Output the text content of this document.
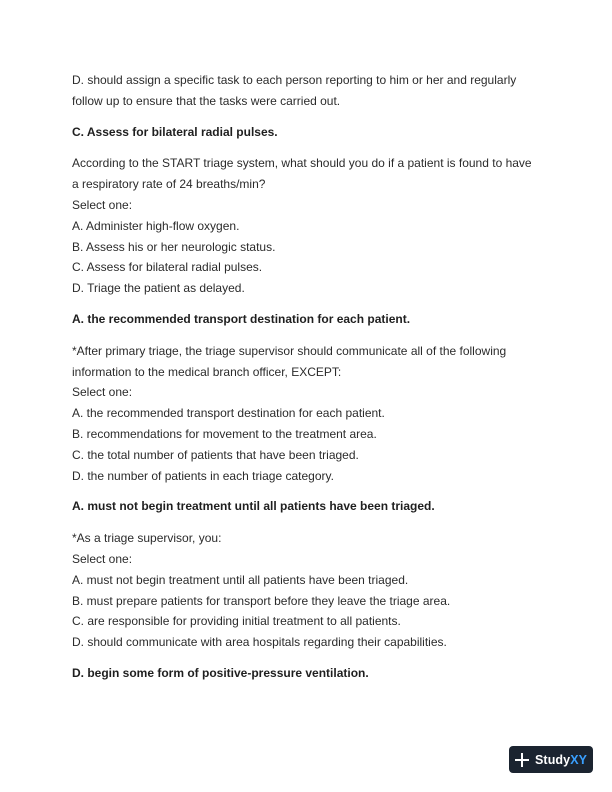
D. should assign a specific task to each person reporting to him or her and regularly
follow up to ensure that the tasks were carried out.
C. Assess for bilateral radial pulses.
According to the START triage system, what should you do if a patient is found to have
a respiratory rate of 24 breaths/min?
Select one:
A. Administer high-flow oxygen.
B. Assess his or her neurologic status.
C. Assess for bilateral radial pulses.
D. Triage the patient as delayed.
A. the recommended transport destination for each patient.
*After primary triage, the triage supervisor should communicate all of the following
information to the medical branch officer, EXCEPT:
Select one:
A. the recommended transport destination for each patient.
B. recommendations for movement to the treatment area.
C. the total number of patients that have been triaged.
D. the number of patients in each triage category.
A. must not begin treatment until all patients have been triaged.
*As a triage supervisor, you:
Select one:
A. must not begin treatment until all patients have been triaged.
B. must prepare patients for transport before they leave the triage area.
C. are responsible for providing initial treatment to all patients.
D. should communicate with area hospitals regarding their capabilities.
D. begin some form of positive-pressure ventilation.
StudyXY
